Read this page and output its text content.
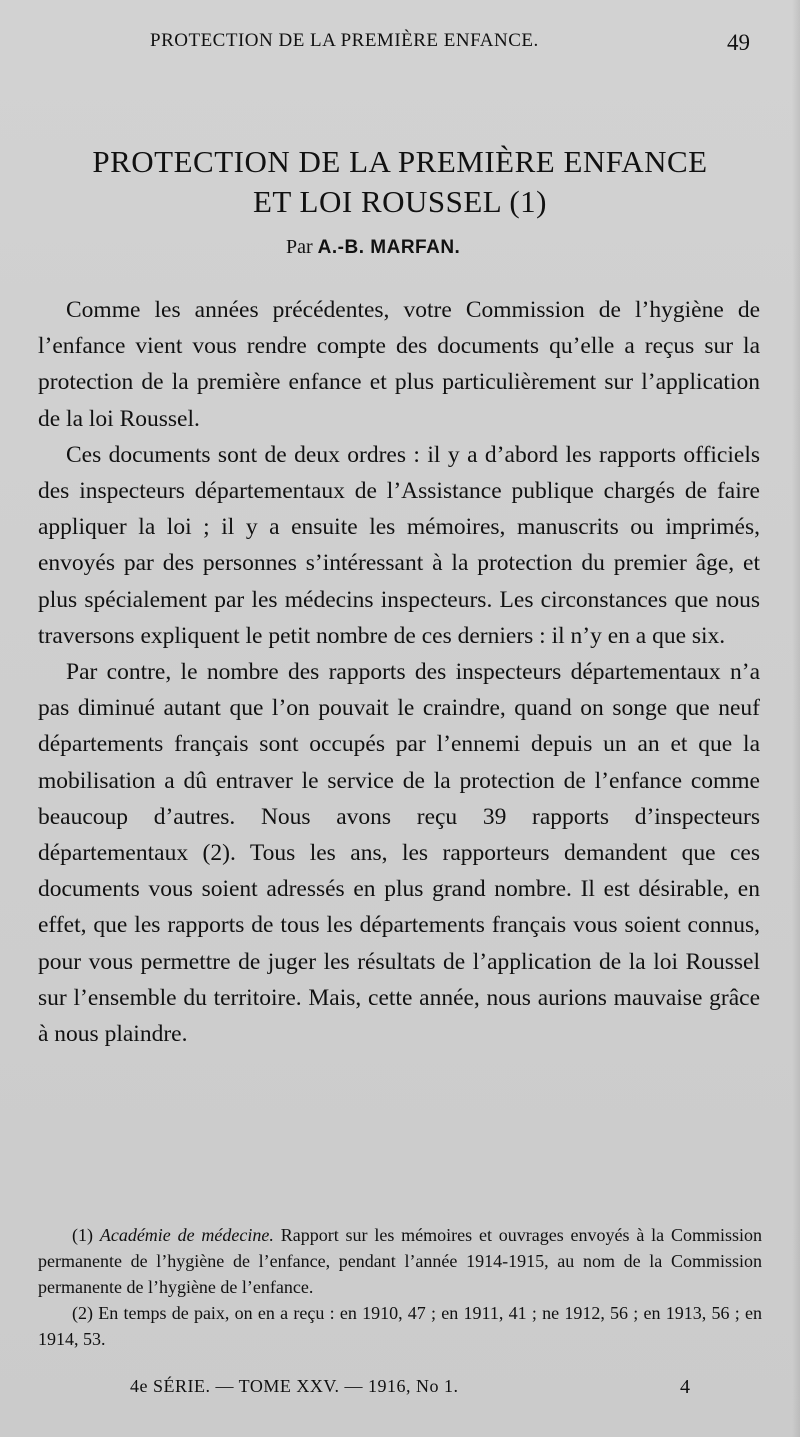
PROTECTION DE LA PREMIÈRE ENFANCE.	49
PROTECTION DE LA PREMIÈRE ENFANCE
ET LOI ROUSSEL (1)
Par A.-B. MARFAN.

Comme les années précédentes, votre Commission de l’hygiène de l’enfance vient vous rendre compte des documents qu’elle a reçus sur la protection de la première enfance et plus particulièrement sur l’application de la loi Roussel.

Ces documents sont de deux ordres : il y a d’abord les rapports officiels des inspecteurs départementaux de l’Assistance publique chargés de faire appliquer la loi ; il y a ensuite les mémoires, manuscrits ou imprimés, envoyés par des personnes s’intéressant à la protection du premier âge, et plus spécialement par les médecins inspecteurs. Les circonstances que nous traversons expliquent le petit nombre de ces derniers : il n’y en a que six.

Par contre, le nombre des rapports des inspecteurs départementaux n’a pas diminué autant que l’on pouvait le craindre, quand on songe que neuf départements français sont occupés par l’ennemi depuis un an et que la mobilisation a dû entraver le service de la protection de l’enfance comme beaucoup d’autres. Nous avons reçu 39 rapports d’inspecteurs départementaux (2). Tous les ans, les rapporteurs demandent que ces documents vous soient adressés en plus grand nombre. Il est désirable, en effet, que les rapports de tous les départements français vous soient connus, pour vous permettre de juger les résultats de l’application de la loi Roussel sur l’ensemble du territoire. Mais, cette année, nous aurions mauvaise grâce à nous plaindre.

(1) Académie de médecine. Rapport sur les mémoires et ouvrages envoyés à la Commission permanente de l’hygiène de l’enfance, pendant l’année 1914-1915, au nom de la Commission permanente de l’hygiène de l’enfance.

(2) En temps de paix, on en a reçu : en 1910, 47 ; en 1911, 41 ; ne 1912, 56 ; en 1913, 56 ; en 1914, 53.

4e SÉRIE. — TOME XXV. — 1916, No 1.	4
